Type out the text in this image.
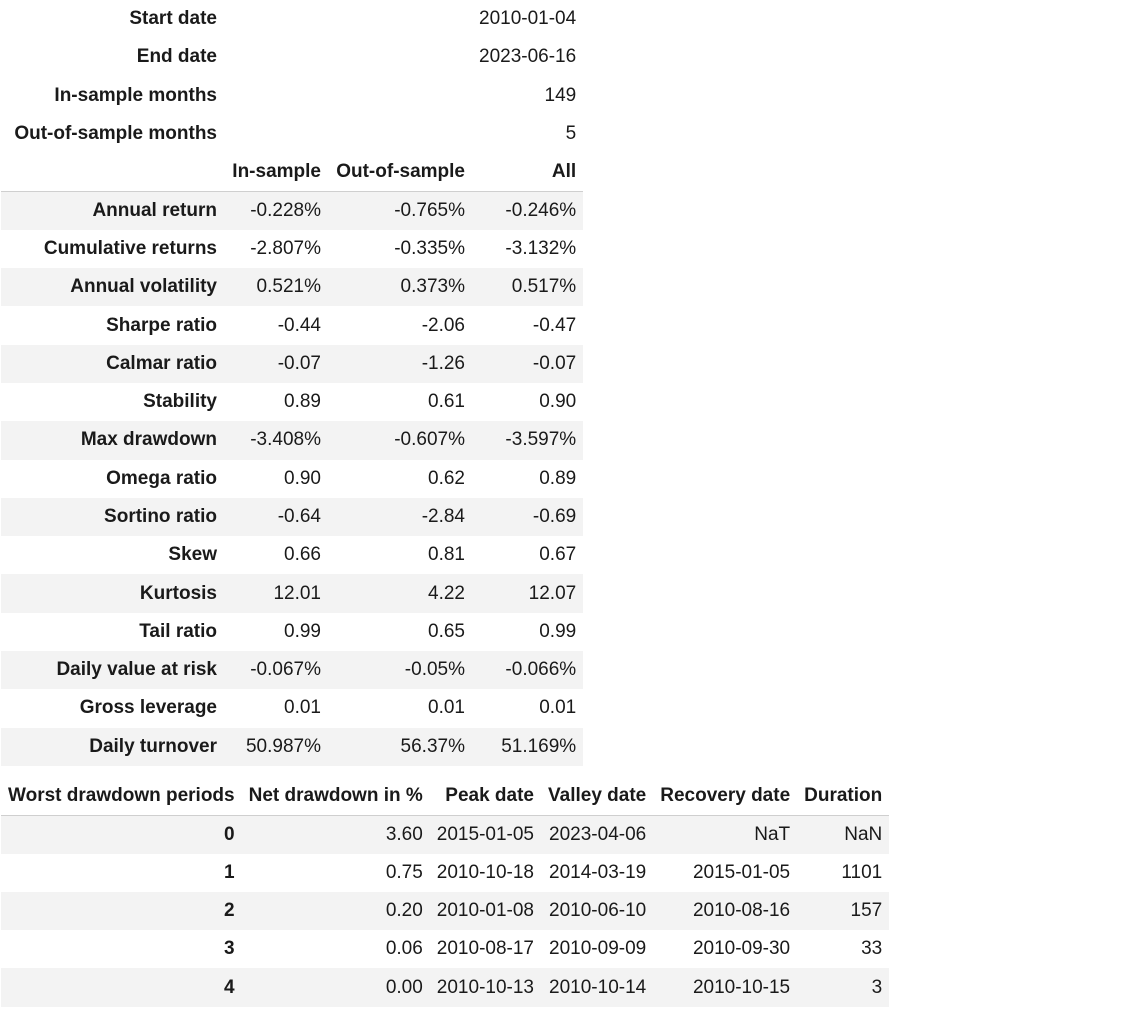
Start date			2010-01-04
End date			2023-06-16
In-sample months			149
Out-of-sample months			5
	In-sample	Out-of-sample	All
Annual return	-0.228%	-0.765%	-0.246%
Cumulative returns	-2.807%	-0.335%	-3.132%
Annual volatility	0.521%	0.373%	0.517%
Sharpe ratio	-0.44	-2.06	-0.47
Calmar ratio	-0.07	-1.26	-0.07
Stability	0.89	0.61	0.90
Max drawdown	-3.408%	-0.607%	-3.597%
Omega ratio	0.90	0.62	0.89
Sortino ratio	-0.64	-2.84	-0.69
Skew	0.66	0.81	0.67
Kurtosis	12.01	4.22	12.07
Tail ratio	0.99	0.65	0.99
Daily value at risk	-0.067%	-0.05%	-0.066%
Gross leverage	0.01	0.01	0.01
Daily turnover	50.987%	56.37%	51.169%
Worst drawdown periods	Net drawdown in %	Peak date	Valley date	Recovery date	Duration
0	3.60	2015-01-05	2023-04-06	NaT	NaN
1	0.75	2010-10-18	2014-03-19	2015-01-05	1101
2	0.20	2010-01-08	2010-06-10	2010-08-16	157
3	0.06	2010-08-17	2010-09-09	2010-09-30	33
4	0.00	2010-10-13	2010-10-14	2010-10-15	3
